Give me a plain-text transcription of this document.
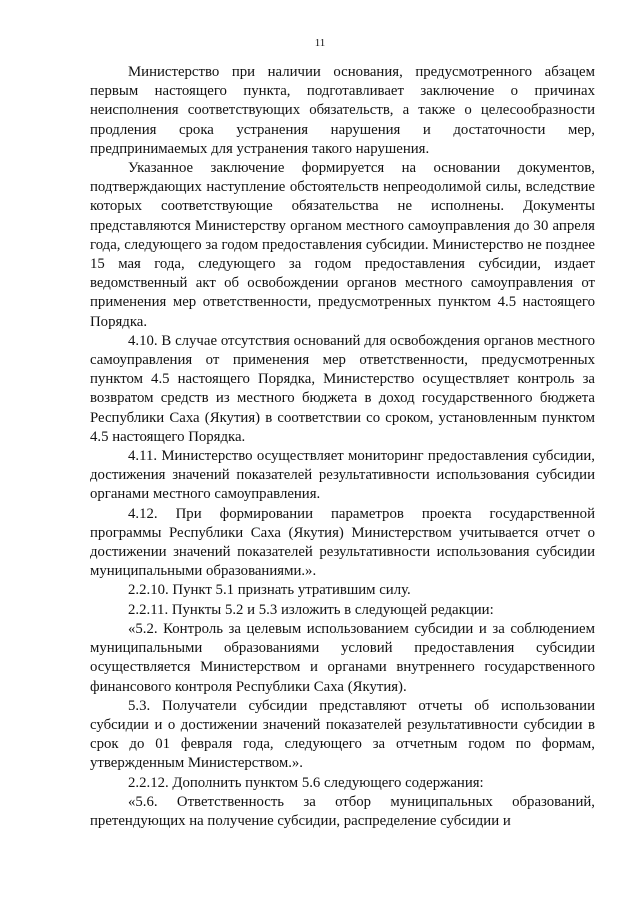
11

Министерство при наличии основания, предусмотренного абзацем первым настоящего пункта, подготавливает заключение о причинах неисполнения соответствующих обязательств, а также о целесообразности продления срока устранения нарушения и достаточности мер, предпринимаемых для устранения такого нарушения.

Указанное заключение формируется на основании документов, подтверждающих наступление обстоятельств непреодолимой силы, вследствие которых соответствующие обязательства не исполнены. Документы представляются Министерству органом местного самоуправления до 30 апреля года, следующего за годом предоставления субсидии. Министерство не позднее 15 мая года, следующего за годом предоставления субсидии, издает ведомственный акт об освобождении органов местного самоуправления от применения мер ответственности, предусмотренных пунктом 4.5 настоящего Порядка.

4.10. В случае отсутствия оснований для освобождения органов местного самоуправления от применения мер ответственности, предусмотренных пунктом 4.5 настоящего Порядка, Министерство осуществляет контроль за возвратом средств из местного бюджета в доход государственного бюджета Республики Саха (Якутия) в соответствии со сроком, установленным пунктом 4.5 настоящего Порядка.

4.11. Министерство осуществляет мониторинг предоставления субсидии, достижения значений показателей результативности использования субсидии органами местного самоуправления.

4.12. При формировании параметров проекта государственной программы Республики Саха (Якутия) Министерством учитывается отчет о достижении значений показателей результативности использования субсидии муниципальными образованиями.».

2.2.10. Пункт 5.1 признать утратившим силу.

2.2.11. Пункты 5.2 и 5.3 изложить в следующей редакции:

«5.2. Контроль за целевым использованием субсидии и за соблюдением муниципальными образованиями условий предоставления субсидии осуществляется Министерством и органами внутреннего государственного финансового контроля Республики Саха (Якутия).

5.3. Получатели субсидии представляют отчеты об использовании субсидии и о достижении значений показателей результативности субсидии в срок до 01 февраля года, следующего за отчетным годом по формам, утвержденным Министерством.».

2.2.12. Дополнить пунктом 5.6 следующего содержания:

«5.6. Ответственность за отбор муниципальных образований, претендующих на получение субсидии, распределение субсидии и
